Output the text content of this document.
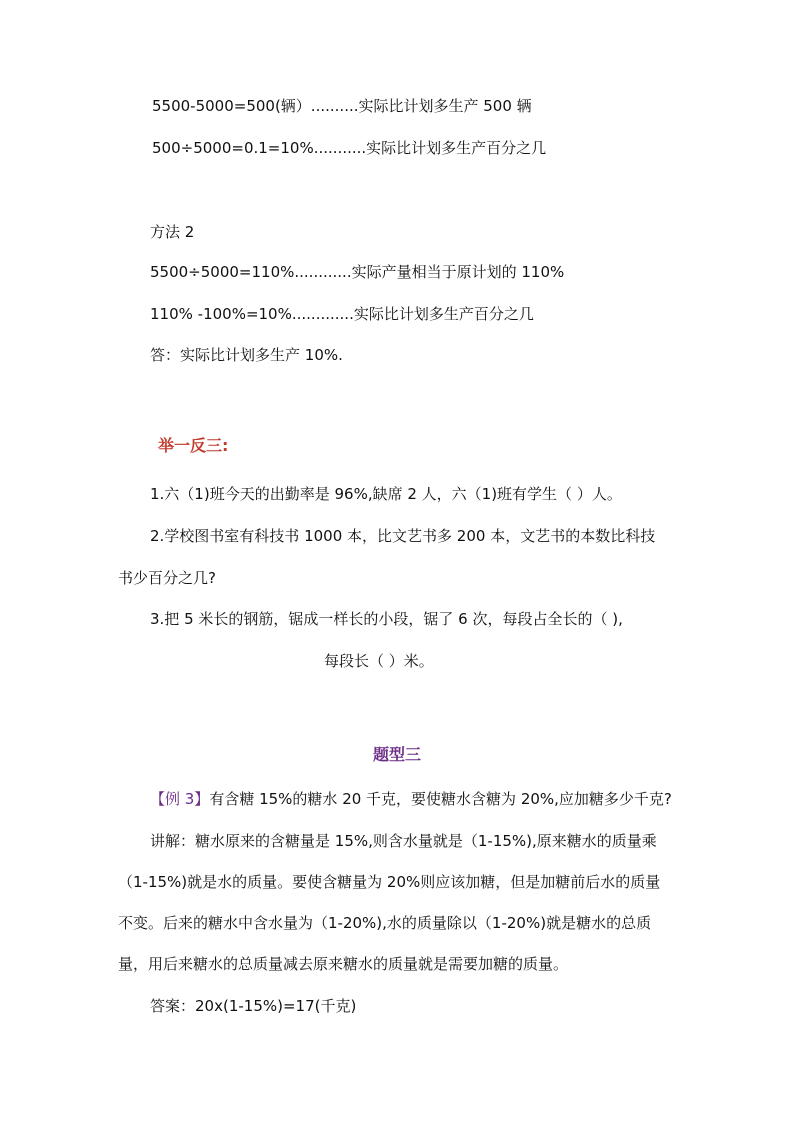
5500-5000=500(辆）..........实际比计划多生产 500 辆
500÷5000=0.1=10%...........实际比计划多生产百分之几
方法 2
5500÷5000=110%............实际产量相当于原计划的 110%
110% -100%=10%.............实际比计划多生产百分之几
答：实际比计划多生产 10%.
举一反三:
1.六（1)班今天的出勤率是 96%,缺席 2 人，六（1)班有学生（ ）人。
2.学校图书室有科技书 1000 本，比文艺书多 200 本，文艺书的本数比科技
书少百分之几?
3.把 5 米长的钢筋，锯成一样长的小段，锯了 6 次，每段占全长的（ ),
每段长（ ）米。
题型三
【例 3】有含糖 15%的糖水 20 千克，要使糖水含糖为 20%,应加糖多少千克?
讲解：糖水原来的含糖量是 15%,则含水量就是（1-15%),原来糖水的质量乘
（1-15%)就是水的质量。要使含糖量为 20%则应该加糖，但是加糖前后水的质量
不变。后来的糖水中含水量为（1-20%),水的质量除以（1-20%)就是糖水的总质
量，用后来糖水的总质量减去原来糖水的质量就是需要加糖的质量。
答案：20x(1-15%)=17(千克)
